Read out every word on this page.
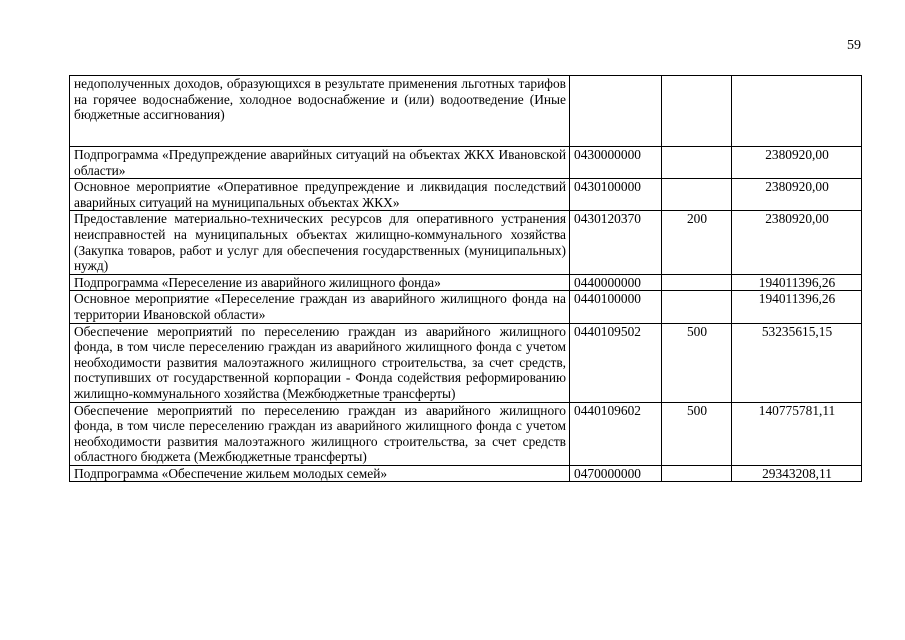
59
недополученных доходов, образующихся в результате применения льготных тарифов на горячее водоснабжение, холодное водоснабжение и (или) водоотведение (Иные бюджетные ассигнования)			
Подпрограмма «Предупреждение аварийных ситуаций на объектах ЖКХ Ивановской области»	0430000000		2380920,00
Основное мероприятие «Оперативное предупреждение и ликвидация последствий аварийных ситуаций на муниципальных объектах ЖКХ»	0430100000		2380920,00
Предоставление материально-технических ресурсов для оперативного устранения неисправностей на муниципальных объектах жилищно-коммунального хозяйства (Закупка товаров, работ и услуг для обеспечения государственных (муниципальных) нужд)	0430120370	200	2380920,00
Подпрограмма «Переселение из аварийного жилищного фонда»	0440000000		194011396,26
Основное мероприятие «Переселение граждан из аварийного жилищного фонда на территории Ивановской области»	0440100000		194011396,26
Обеспечение мероприятий по переселению граждан из аварийного жилищного фонда, в том числе переселению граждан из аварийного жилищного фонда с учетом необходимости развития малоэтажного жилищного строительства, за счет средств, поступивших от государственной корпорации - Фонда содействия реформированию жилищно-коммунального хозяйства (Межбюджетные трансферты)	0440109502	500	53235615,15
Обеспечение мероприятий по переселению граждан из аварийного жилищного фонда, в том числе переселению граждан из аварийного жилищного фонда с учетом необходимости развития малоэтажного жилищного строительства, за счет средств областного бюджета (Межбюджетные трансферты)	0440109602	500	140775781,11
Подпрограмма «Обеспечение жильем молодых семей»	0470000000		29343208,11
